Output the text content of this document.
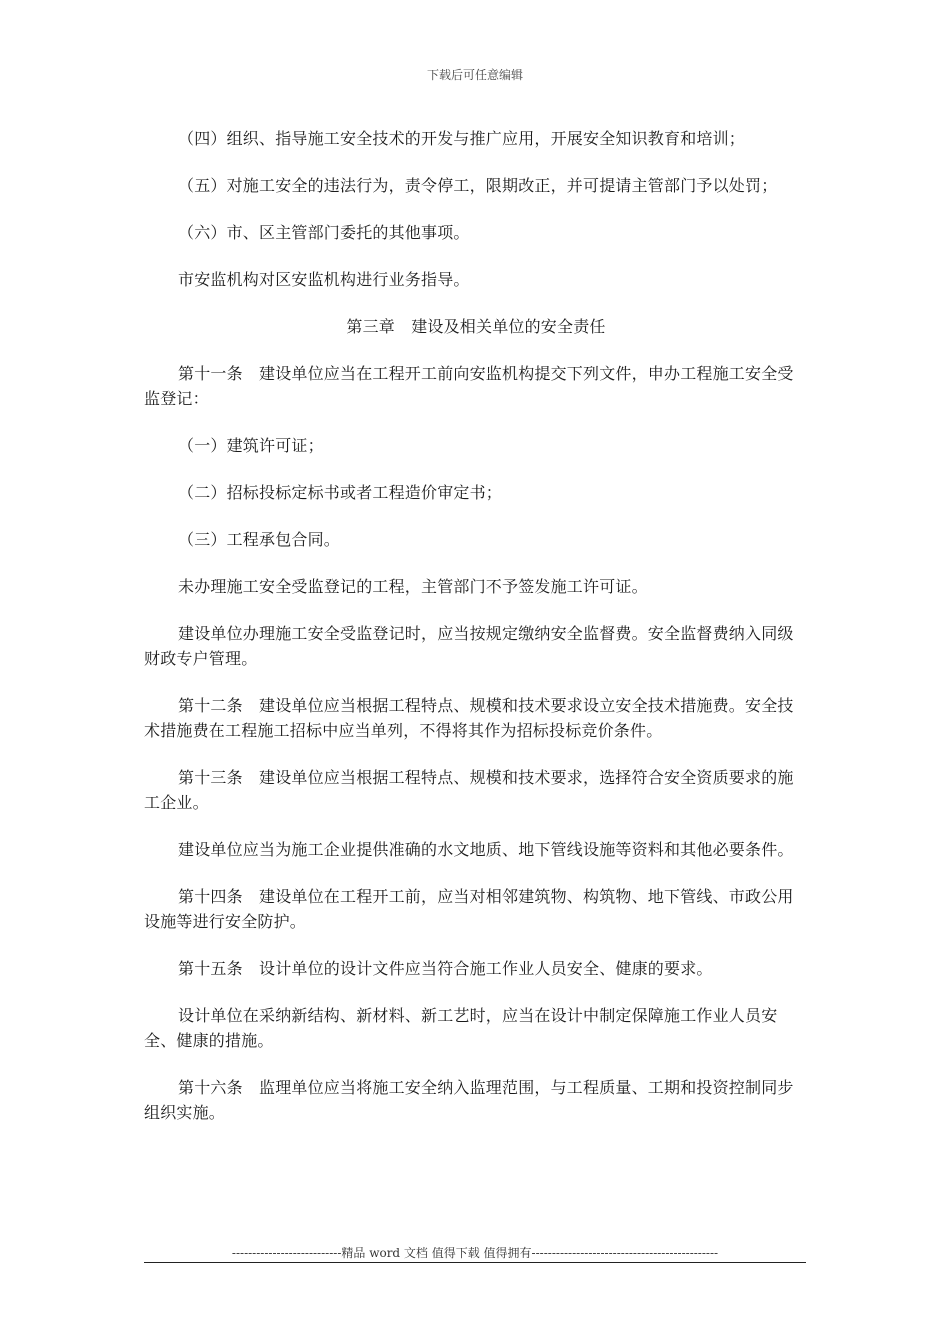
下载后可任意编辑

（四）组织、指导施工安全技术的开发与推广应用，开展安全知识教育和培训；

（五）对施工安全的违法行为，责令停工，限期改正，并可提请主管部门予以处罚；

（六）市、区主管部门委托的其他事项。

市安监机构对区安监机构进行业务指导。

第三章　建设及相关单位的安全责任

第十一条　建设单位应当在工程开工前向安监机构提交下列文件，申办工程施工安全受监登记：

（一）建筑许可证；

（二）招标投标定标书或者工程造价审定书；

（三）工程承包合同。

未办理施工安全受监登记的工程，主管部门不予签发施工许可证。

建设单位办理施工安全受监登记时，应当按规定缴纳安全监督费。安全监督费纳入同级财政专户管理。

第十二条　建设单位应当根据工程特点、规模和技术要求设立安全技术措施费。安全技术措施费在工程施工招标中应当单列，不得将其作为招标投标竞价条件。

第十三条　建设单位应当根据工程特点、规模和技术要求，选择符合安全资质要求的施工企业。

建设单位应当为施工企业提供准确的水文地质、地下管线设施等资料和其他必要条件。

第十四条　建设单位在工程开工前，应当对相邻建筑物、构筑物、地下管线、市政公用设施等进行安全防护。

第十五条　设计单位的设计文件应当符合施工作业人员安全、健康的要求。

设计单位在采纳新结构、新材料、新工艺时，应当在设计中制定保障施工作业人员安全、健康的措施。

第十六条　监理单位应当将施工安全纳入监理范围，与工程质量、工期和投资控制同步组织实施。

---------------------------精品 word 文档 值得下载 值得拥有----------------------------------------------
